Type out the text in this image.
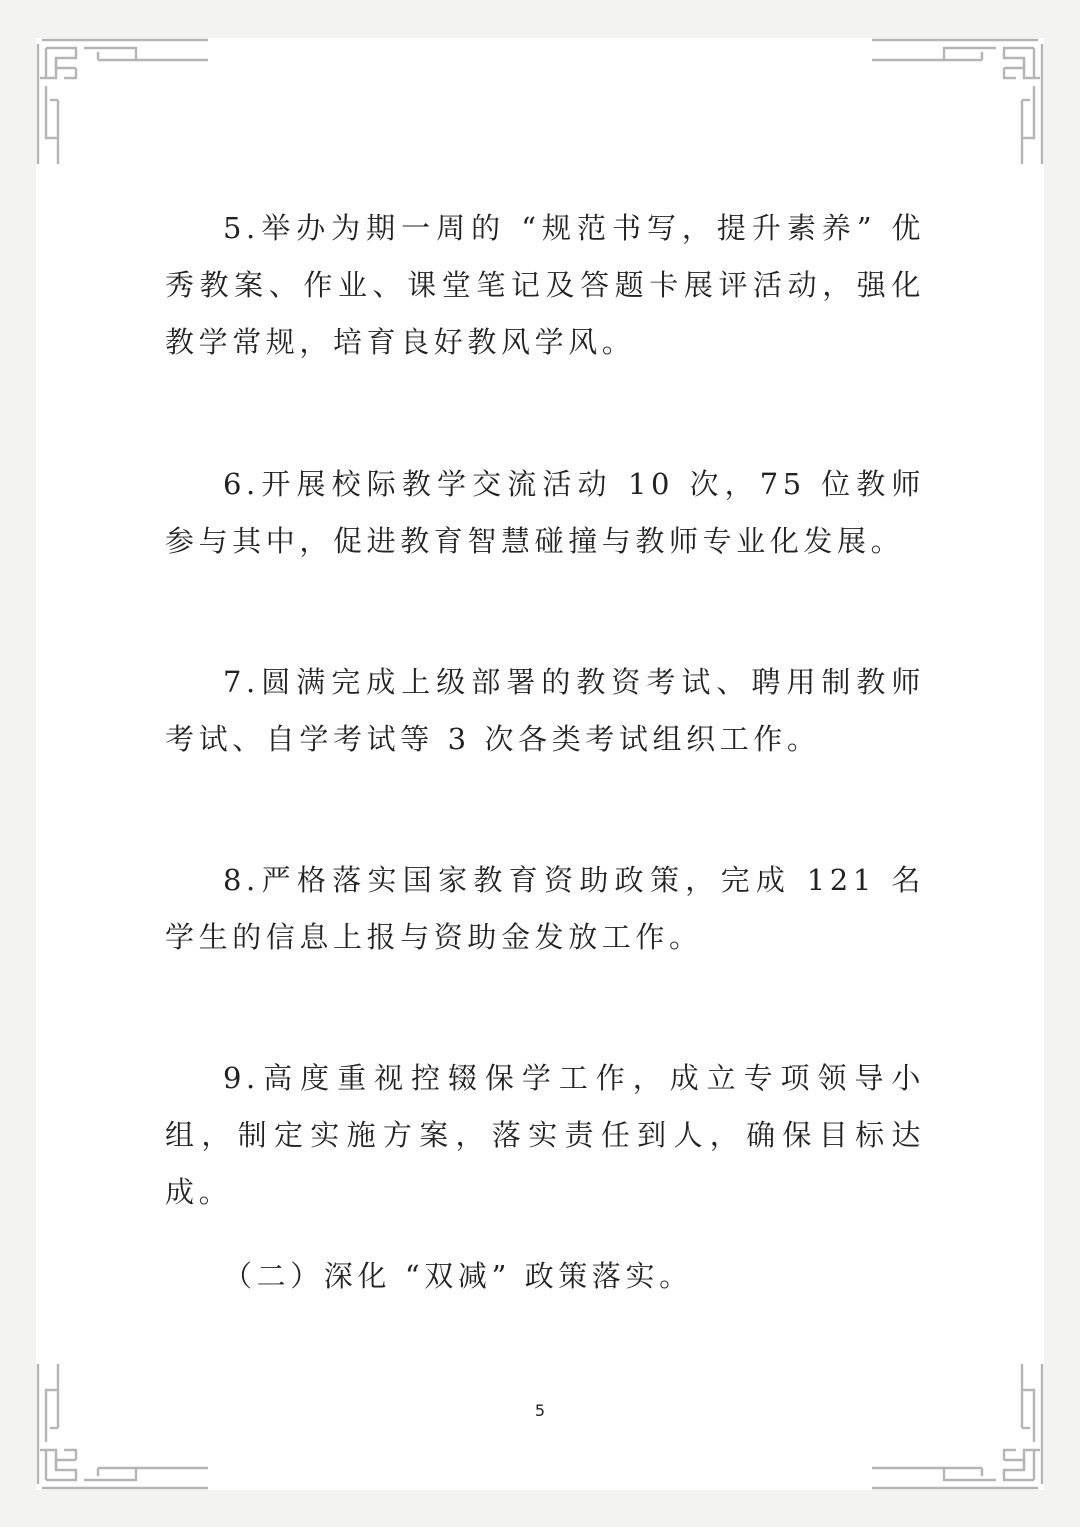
5.举办为期一周的 “规范书写，提升素养” 优秀教案、作业、课堂笔记及答题卡展评活动，强化教学常规，培育良好教风学风。

6.开展校际教学交流活动 10 次，75 位教师参与其中，促进教育智慧碰撞与教师专业化发展。

7.圆满完成上级部署的教资考试、聘用制教师考试、自学考试等 3 次各类考试组织工作。

8.严格落实国家教育资助政策，完成 121 名学生的信息上报与资助金发放工作。

9.高度重视控辍保学工作，成立专项领导小组，制定实施方案，落实责任到人，确保目标达成。

（二）深化 “双减” 政策落实。

5
